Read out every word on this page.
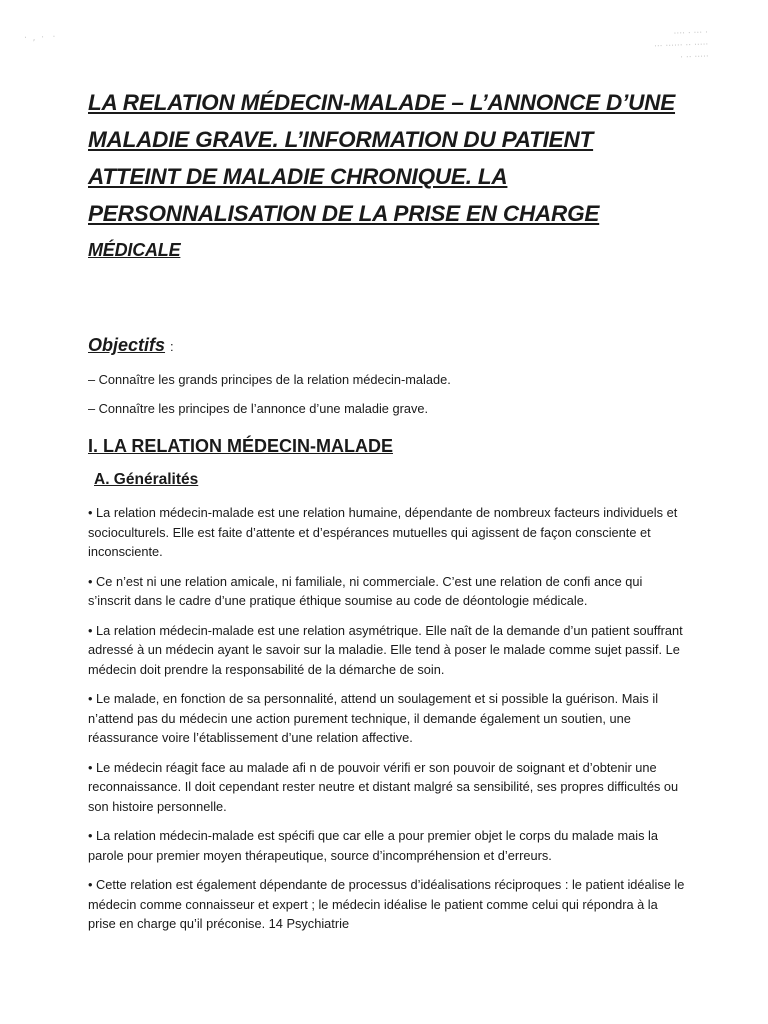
·  ,  ·   ·	···· · ··· ·
··· ······ ·· ·····
· ·· ·····

LA RELATION MÉDECIN-MALADE – L’ANNONCE D’UNE

MALADIE GRAVE. L’INFORMATION DU PATIENT

ATTEINT DE MALADIE CHRONIQUE. LA

PERSONNALISATION DE LA PRISE EN CHARGE

MÉDICALE

Objectifs :

– Connaître les grands principes de la relation médecin-malade.

– Connaître les principes de l’annonce d’une maladie grave.

I. LA RELATION MÉDECIN-MALADE
A. Généralités

• La relation médecin-malade est une relation humaine, dépendante de nombreux facteurs individuels et socioculturels. Elle est faite d’attente et d’espérances mutuelles qui agissent de façon consciente et inconsciente.

• Ce n’est ni une relation amicale, ni familiale, ni commerciale. C’est une relation de confi ance qui s’inscrit dans le cadre d’une pratique éthique soumise au code de déontologie médicale.

• La relation médecin-malade est une relation asymétrique. Elle naît de la demande d’un patient souffrant adressé à un médecin ayant le savoir sur la maladie. Elle tend à poser le malade comme sujet passif. Le médecin doit prendre la responsabilité de la démarche de soin.

• Le malade, en fonction de sa personnalité, attend un soulagement et si possible la guérison. Mais il n’attend pas du médecin une action purement technique, il demande également un soutien, une réassurance voire l’établissement d’une relation affective.

• Le médecin réagit face au malade afi n de pouvoir vérifi er son pouvoir de soignant et d’obtenir une reconnaissance. Il doit cependant rester neutre et distant malgré sa sensibilité, ses propres difficultés ou son histoire personnelle.

• La relation médecin-malade est spécifi que car elle a pour premier objet le corps du malade mais la parole pour premier moyen thérapeutique, source d’incompréhension et d’erreurs.

• Cette relation est également dépendante de processus d’idéalisations réciproques : le patient idéalise le médecin comme connaisseur et expert ; le médecin idéalise le patient comme celui qui répondra à la prise en charge qu’il préconise. 14 Psychiatrie
